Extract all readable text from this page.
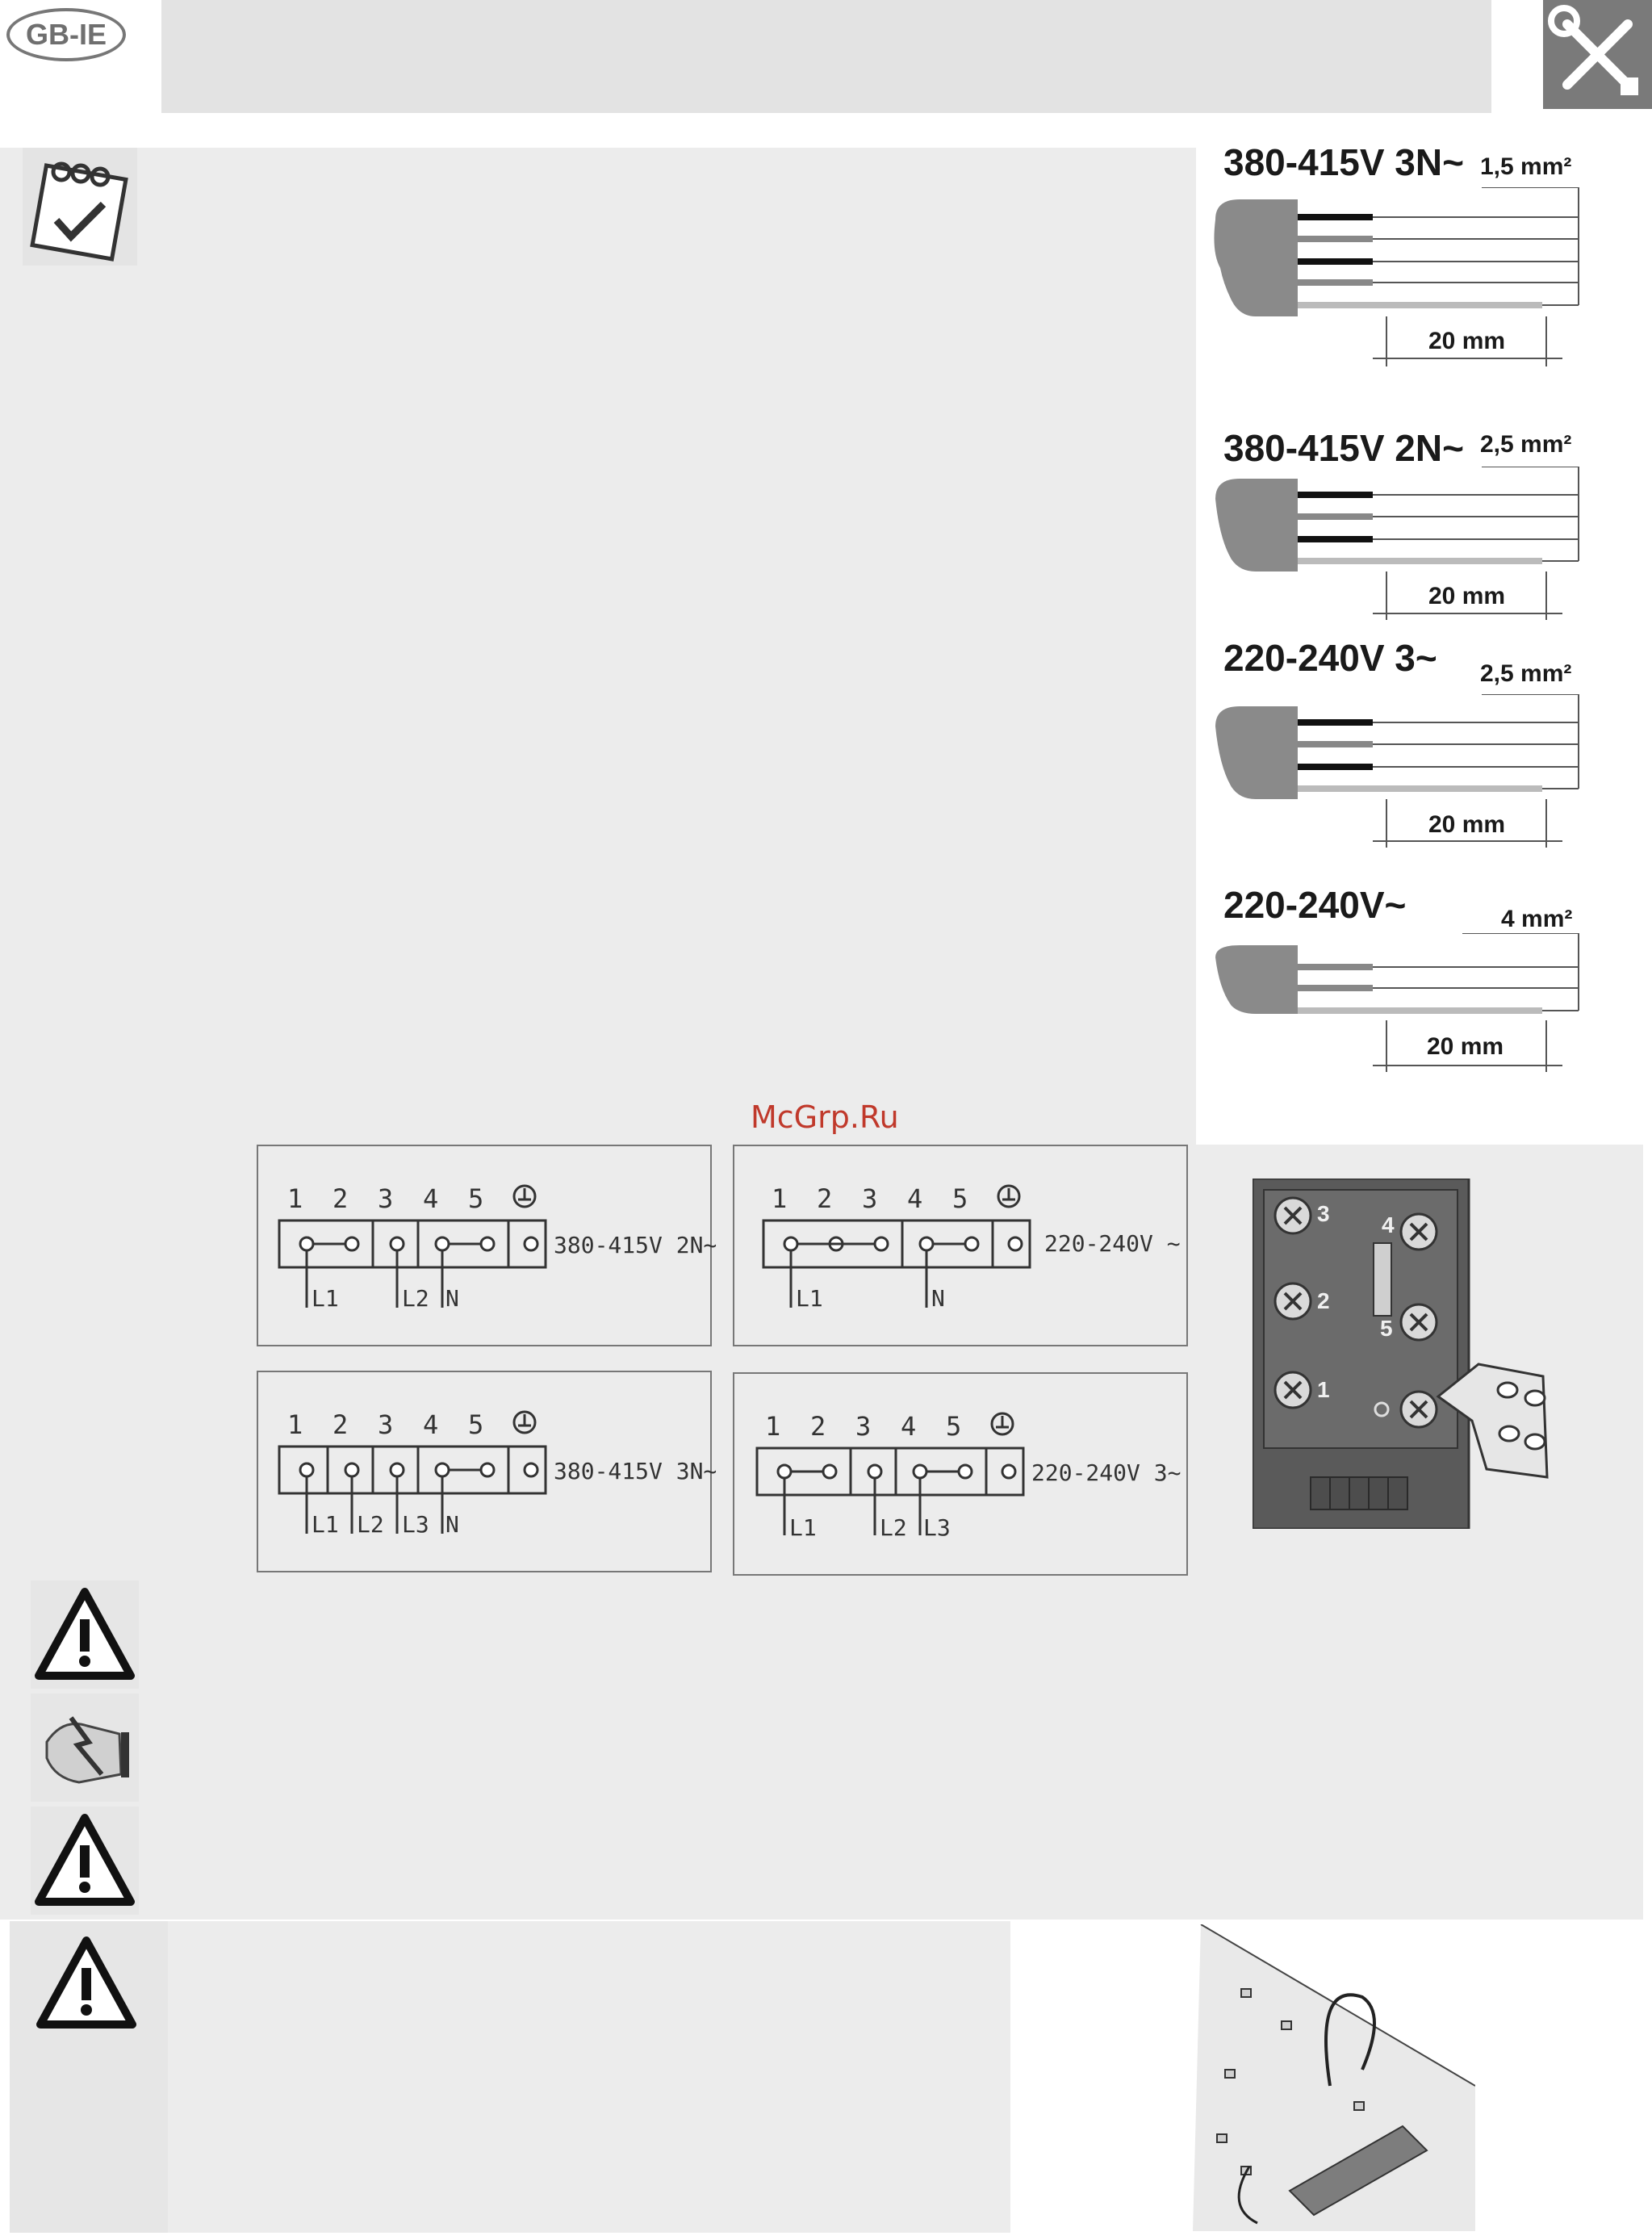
GB-IE
380-415V 3N~ 1,5 mm²
20 mm
380-415V 2N~ 2,5 mm²
20 mm
220-240V 3~ 2,5 mm²
20 mm
220-240V~	4 mm²
20 mm
McGrp.Ru
1 2 3 4 5
380-415V 2N~
L1	L2 N
1 2 3 4 5
220-240V ~
L1	N
1 2 3 4 5
380-415V 3N~
L1 L2 L3 N
1 2 3 4 5
220-240V 3~
L1	L2 L3
3 4
2
5
1
